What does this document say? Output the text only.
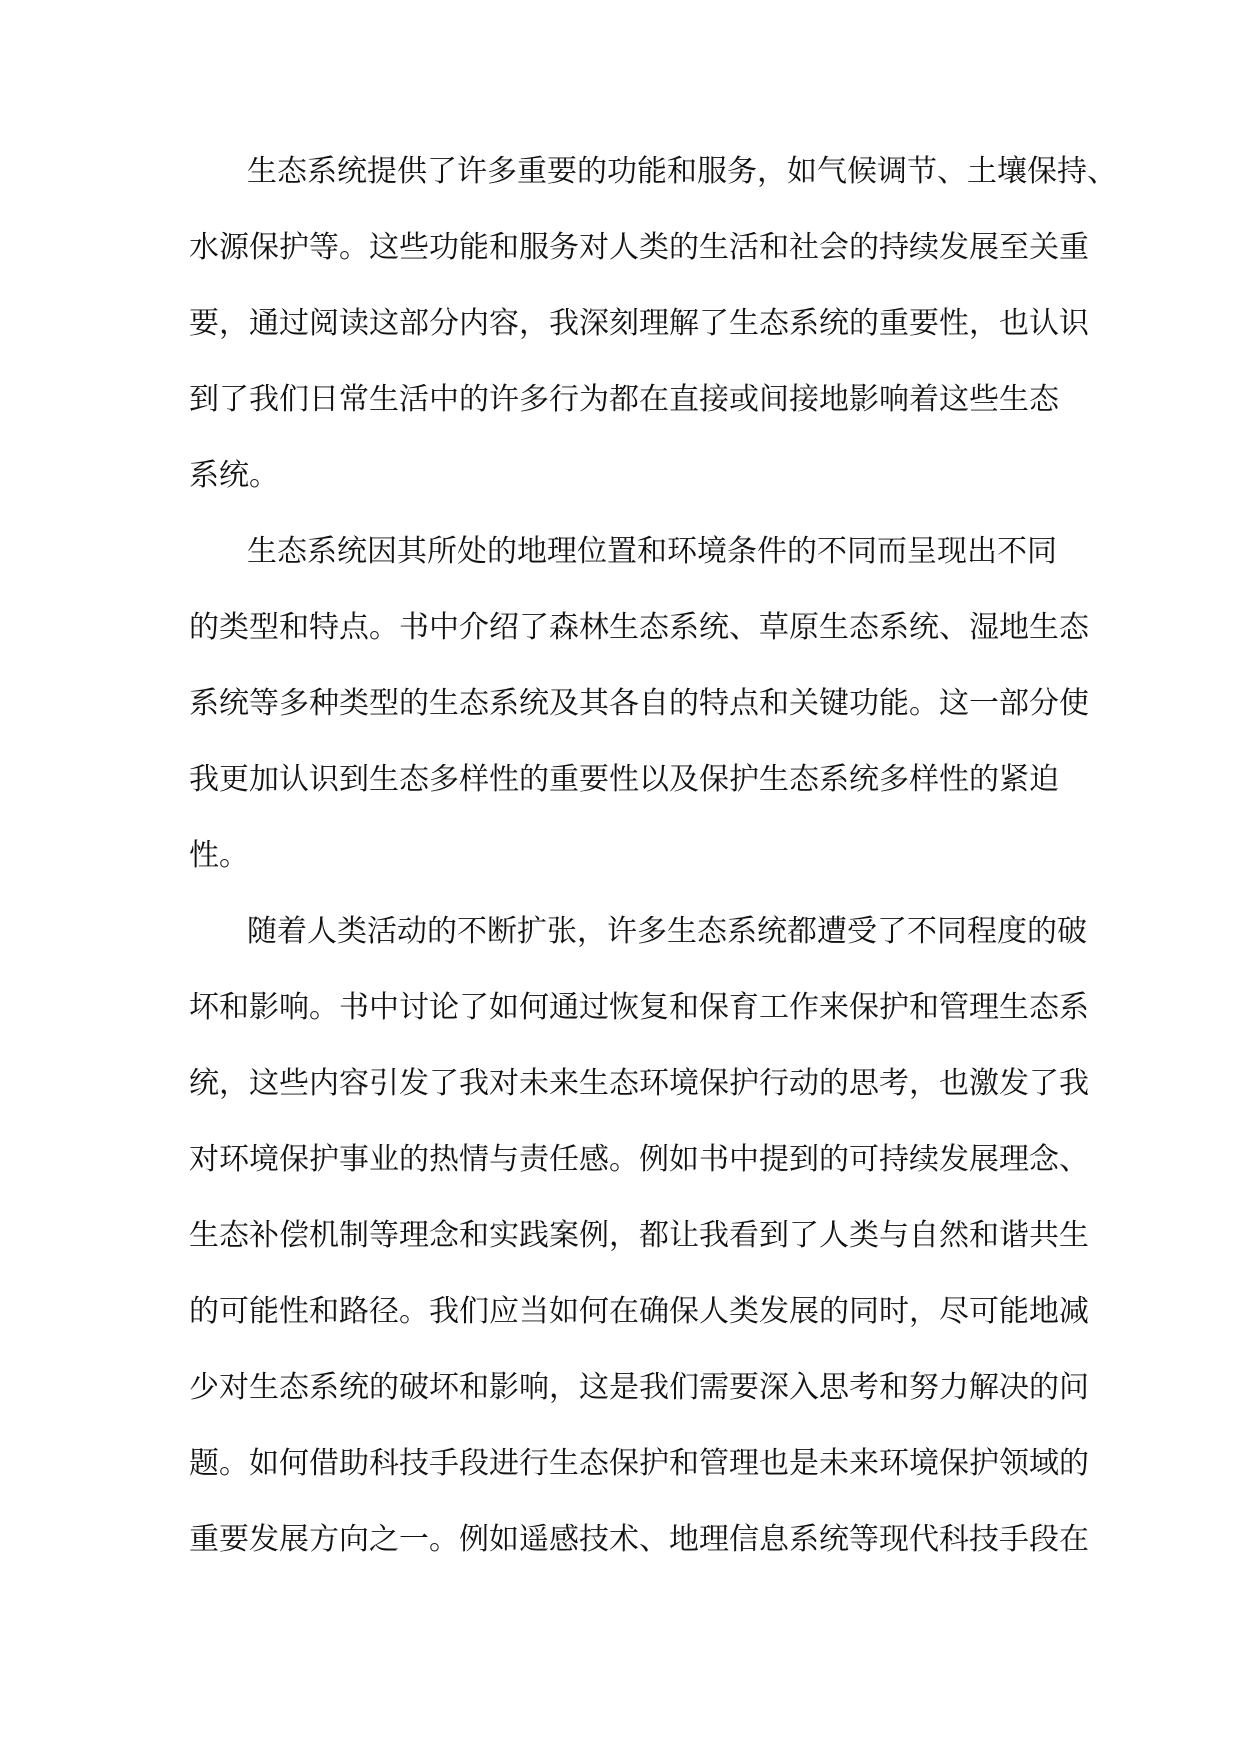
生态系统提供了许多重要的功能和服务，如气候调节、土壤保持、
水源保护等。这些功能和服务对人类的生活和社会的持续发展至关重
要，通过阅读这部分内容，我深刻理解了生态系统的重要性，也认识
到了我们日常生活中的许多行为都在直接或间接地影响着这些生态
系统。
生态系统因其所处的地理位置和环境条件的不同而呈现出不同
的类型和特点。书中介绍了森林生态系统、草原生态系统、湿地生态
系统等多种类型的生态系统及其各自的特点和关键功能。这一部分使
我更加认识到生态多样性的重要性以及保护生态系统多样性的紧迫
性。
随着人类活动的不断扩张，许多生态系统都遭受了不同程度的破
坏和影响。书中讨论了如何通过恢复和保育工作来保护和管理生态系
统，这些内容引发了我对未来生态环境保护行动的思考，也激发了我
对环境保护事业的热情与责任感。例如书中提到的可持续发展理念、
生态补偿机制等理念和实践案例，都让我看到了人类与自然和谐共生
的可能性和路径。我们应当如何在确保人类发展的同时，尽可能地减
少对生态系统的破坏和影响，这是我们需要深入思考和努力解决的问
题。如何借助科技手段进行生态保护和管理也是未来环境保护领域的
重要发展方向之一。例如遥感技术、地理信息系统等现代科技手段在
